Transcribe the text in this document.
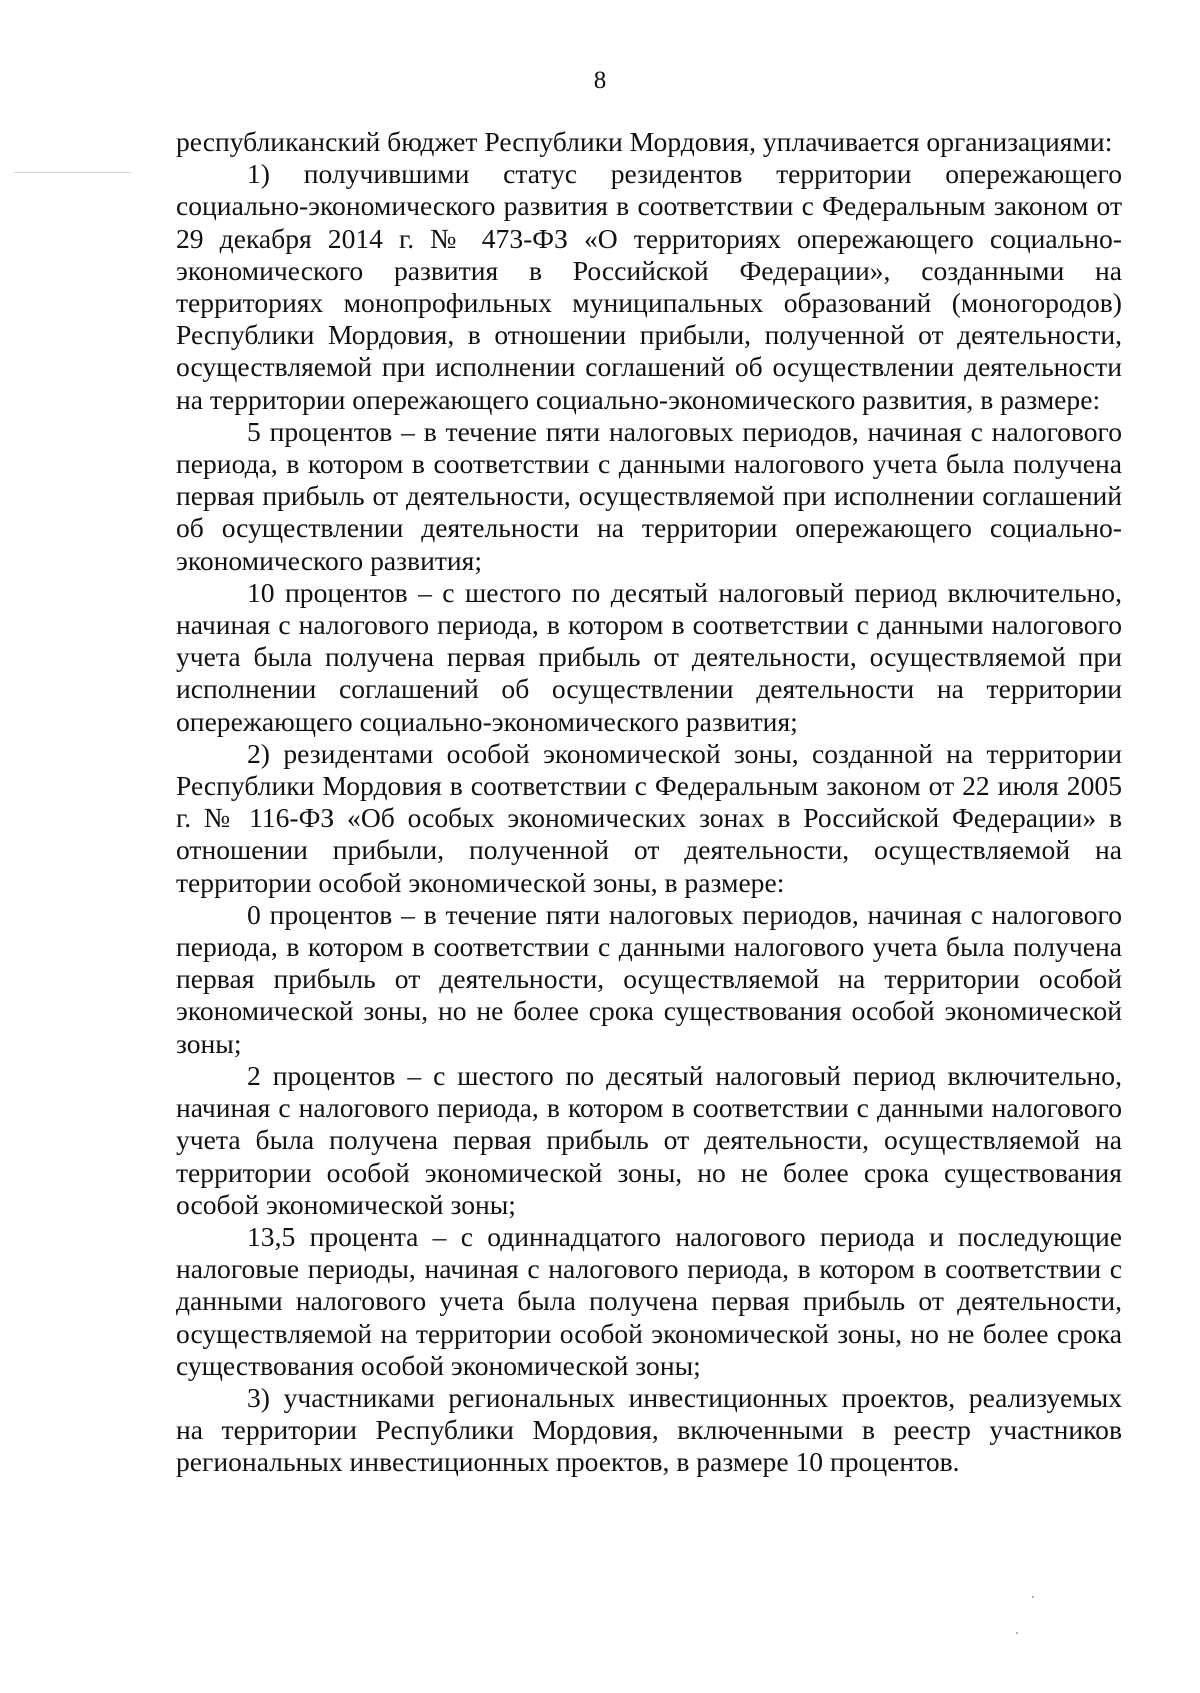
8

республиканский бюджет Республики Мордовия, уплачивается организациями:

1) получившими статус резидентов территории опережающего социально-экономического развития в соответствии с Федеральным законом от 29 декабря 2014 г. № 473-ФЗ «О территориях опережающего социально-экономического развития в Российской Федерации», созданными на территориях монопрофильных муниципальных образований (моногородов) Республики Мордовия, в отношении прибыли, полученной от деятельности, осуществляемой при исполнении соглашений об осуществлении деятельности на территории опережающего социально-экономического развития, в размере:

5 процентов – в течение пяти налоговых периодов, начиная с налогового периода, в котором в соответствии с данными налогового учета была получена первая прибыль от деятельности, осуществляемой при исполнении соглашений об осуществлении деятельности на территории опережающего социально-экономического развития;

10 процентов – с шестого по десятый налоговый период включительно, начиная с налогового периода, в котором в соответствии с данными налогового учета была получена первая прибыль от деятельности, осуществляемой при исполнении соглашений об осуществлении деятельности на территории опережающего социально-экономического развития;

2) резидентами особой экономической зоны, созданной на территории Республики Мордовия в соответствии с Федеральным законом от 22 июля 2005 г. № 116-ФЗ «Об особых экономических зонах в Российской Федерации» в отношении прибыли, полученной от деятельности, осуществляемой на территории особой экономической зоны, в размере:

0 процентов – в течение пяти налоговых периодов, начиная с налогового периода, в котором в соответствии с данными налогового учета была получена первая прибыль от деятельности, осуществляемой на территории особой экономической зоны, но не более срока существования особой экономической зоны;

2 процентов – с шестого по десятый налоговый период включительно, начиная с налогового периода, в котором в соответствии с данными налогового учета была получена первая прибыль от деятельности, осуществляемой на территории особой экономической зоны, но не более срока существования особой экономической зоны;

13,5 процента – с одиннадцатого налогового периода и последующие налоговые периоды, начиная с налогового периода, в котором в соответствии с данными налогового учета была получена первая прибыль от деятельности, осуществляемой на территории особой экономической зоны, но не более срока существования особой экономической зоны;

3) участниками региональных инвестиционных проектов, реализуемых на территории Республики Мордовия, включенными в реестр участников региональных инвестиционных проектов, в размере 10 процентов.
